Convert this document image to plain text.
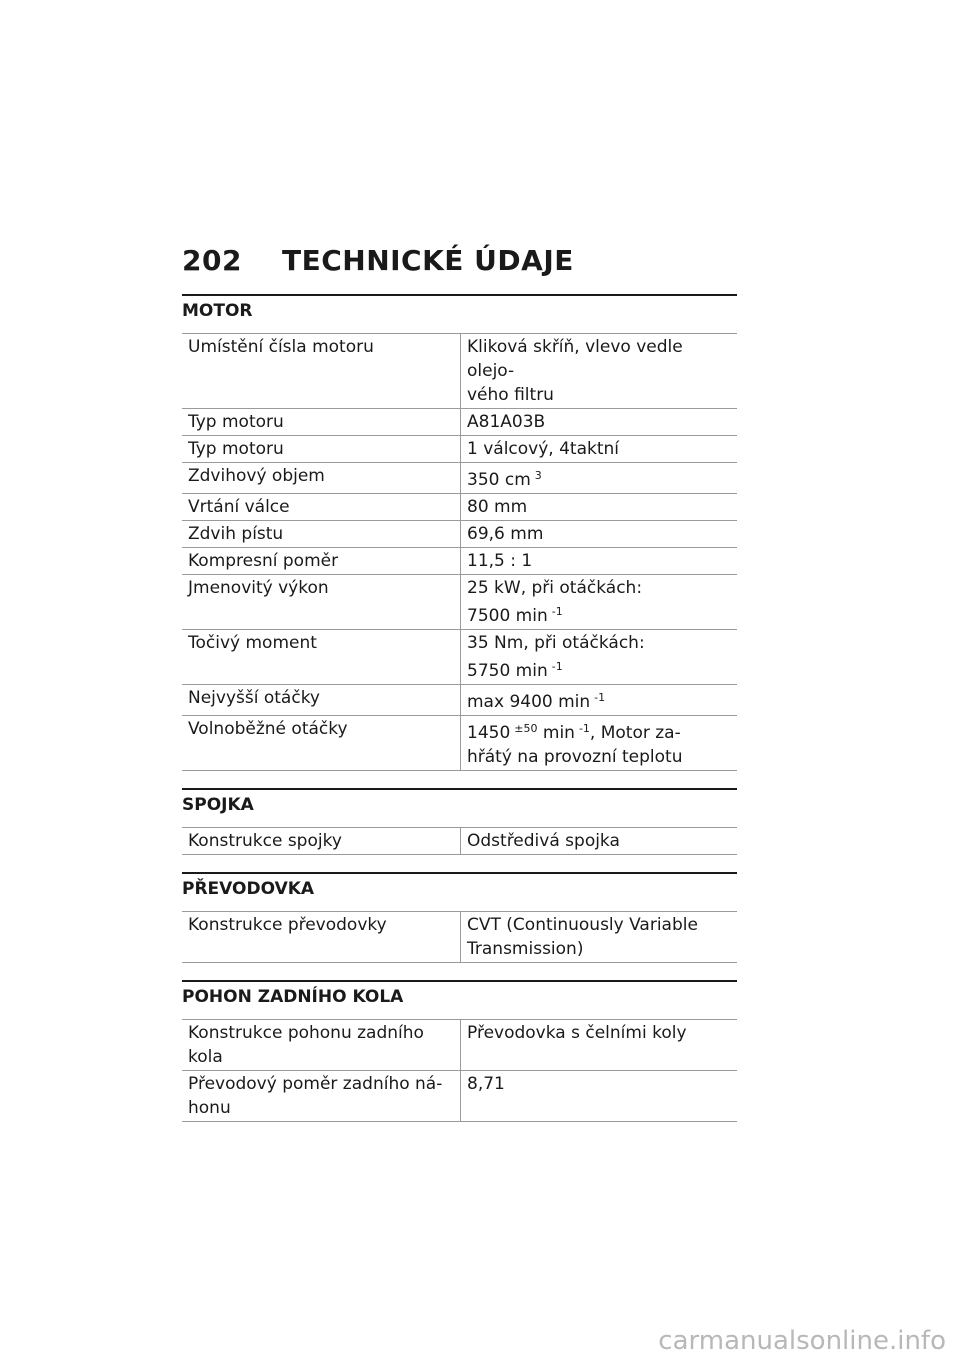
202 TECHNICKÉ ÚDAJE
MOTOR
Umístění čísla motoru	Kliková skříň, vlevo vedle olejo-
vého filtru
Typ motoru	A81A03B
Typ motoru	1 válcový, 4taktní
Zdvihový objem	350 cm $^3$
Vrtání válce	80 mm
Zdvih pístu	69,6 mm
Kompresní poměr	11,5 : 1
Jmenovitý výkon	25 kW, při otáčkách:
7500 min $^{-1}$
Točivý moment	35 Nm, při otáčkách:
5750 min $^{-1}$
Nejvyšší otáčky	max 9400 min $^{-1}$
Volnoběžné otáčky	1450 $^{\pm 50}$ min $^{-1}$, Motor za-
hřátý na provozní teplotu
SPOJKA
Konstrukce spojky	Odstředivá spojka
PŘEVODOVKA
Konstrukce převodovky	CVT (Continuously Variable
Transmission)
POHON ZADNÍHO KOLA
Konstrukce pohonu zadního
kola	Převodovka s čelními koly
Převodový poměr zadního ná-
honu	8,71
carmanualsonline.info
